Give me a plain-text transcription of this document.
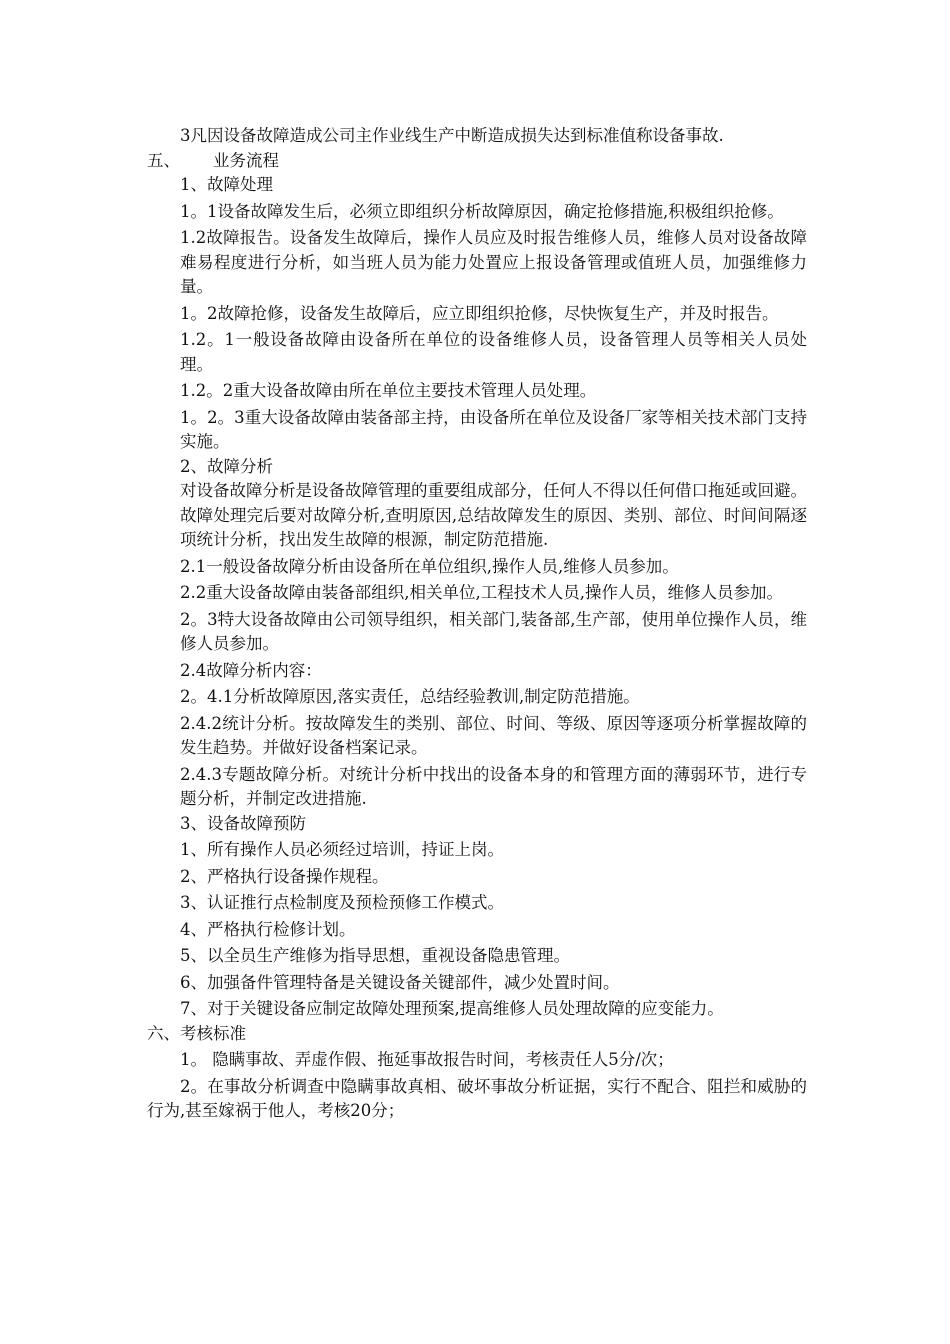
3凡因设备故障造成公司主作业线生产中断造成损失达到标准值称设备事故.

五、	业务流程

1、故障处理

1。1设备故障发生后，必须立即组织分析故障原因，确定抢修措施,积极组织抢修。

1.2故障报告。设备发生故障后，操作人员应及时报告维修人员，维修人员对设备故障难易程度进行分析，如当班人员为能力处置应上报设备管理或值班人员，加强维修力量。

1。2故障抢修，设备发生故障后，应立即组织抢修，尽快恢复生产，并及时报告。

1.2。1一般设备故障由设备所在单位的设备维修人员，设备管理人员等相关人员处理。

1.2。2重大设备故障由所在单位主要技术管理人员处理。

1。2。3重大设备故障由装备部主持，由设备所在单位及设备厂家等相关技术部门支持实施。

2、故障分析

对设备故障分析是设备故障管理的重要组成部分，任何人不得以任何借口拖延或回避。故障处理完后要对故障分析,查明原因,总结故障发生的原因、类别、部位、时间间隔逐项统计分析，找出发生故障的根源，制定防范措施.

2.1一般设备故障分析由设备所在单位组织,操作人员,维修人员参加。

2.2重大设备故障由装备部组织,相关单位,工程技术人员,操作人员，维修人员参加。

2。3特大设备故障由公司领导组织，相关部门,装备部,生产部，使用单位操作人员，维修人员参加。

2.4故障分析内容：

2。4.1分析故障原因,落实责任，总结经验教训,制定防范措施。

2.4.2统计分析。按故障发生的类别、部位、时间、等级、原因等逐项分析掌握故障的发生趋势。并做好设备档案记录。

2.4.3专题故障分析。对统计分析中找出的设备本身的和管理方面的薄弱环节，进行专题分析，并制定改进措施.

3、设备故障预防

1、所有操作人员必须经过培训，持证上岗。

2、严格执行设备操作规程。

3、认证推行点检制度及预检预修工作模式。

4、严格执行检修计划。

5、以全员生产维修为指导思想，重视设备隐患管理。

6、加强备件管理特备是关键设备关键部件，减少处置时间。

7、对于关键设备应制定故障处理预案,提高维修人员处理故障的应变能力。

六、考核标准

1。 隐瞒事故、弄虚作假、拖延事故报告时间，考核责任人5分/次；

2。在事故分析调查中隐瞒事故真相、破坏事故分析证据，实行不配合、阻拦和威胁的行为,甚至嫁祸于他人，考核20分；
